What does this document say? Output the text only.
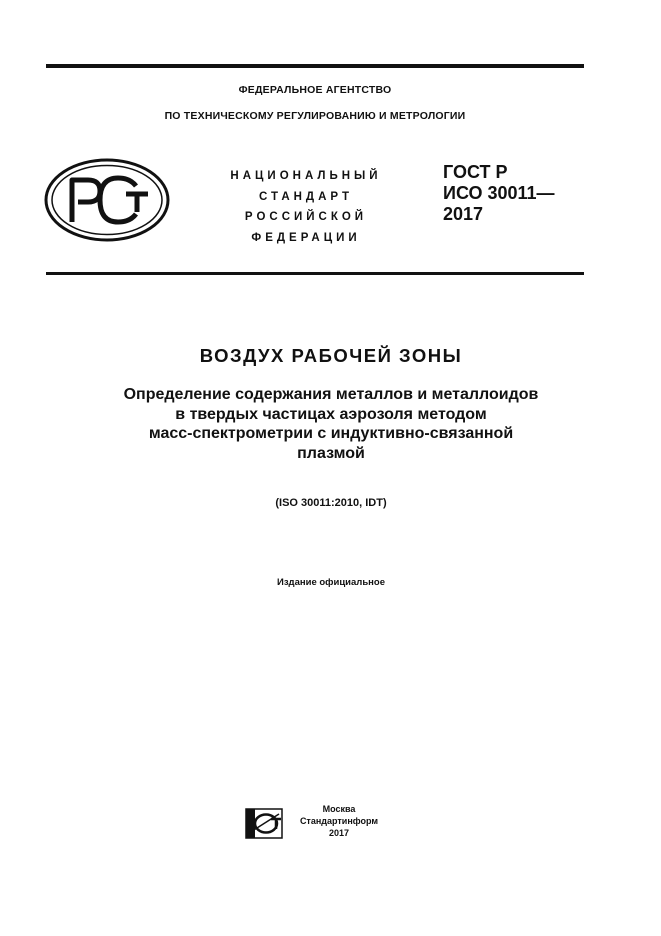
ФЕДЕРАЛЬНОЕ АГЕНТСТВО
ПО ТЕХНИЧЕСКОМУ РЕГУЛИРОВАНИЮ И МЕТРОЛОГИИ
НАЦИОНАЛЬНЫЙ
СТАНДАРТ
РОССИЙСКОЙ
ФЕДЕРАЦИИ
ГОСТ Р
ИСО 30011—
2017
ВОЗДУХ РАБОЧЕЙ ЗОНЫ
Определение содержания металлов и металлоидов
в твердых частицах аэрозоля методом
масс-спектрометрии с индуктивно-связанной
плазмой
(ISO 30011:2010, IDT)
Издание официальное
Москва
Стандартинформ
2017
